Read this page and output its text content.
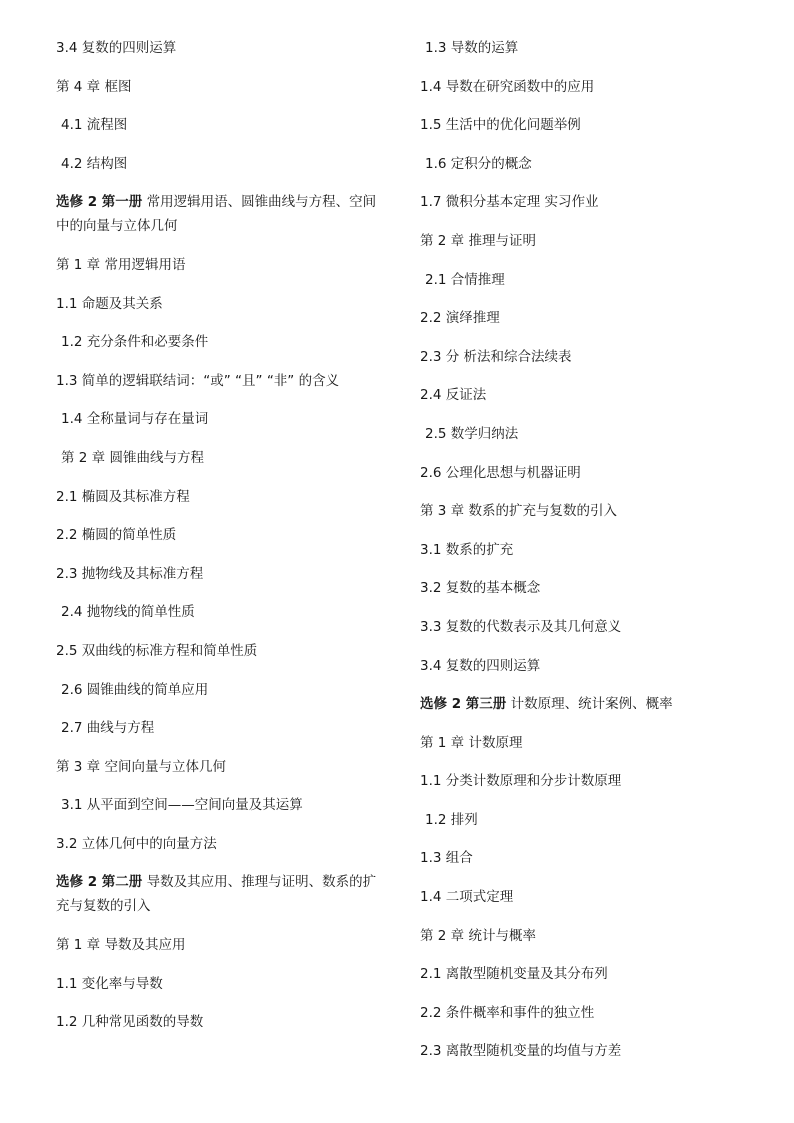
3.4 复数的四则运算
第 4 章 框图
4.1 流程图
4.2 结构图
选修 2 第一册 常用逻辑用语、圆锥曲线与方程、空间中的向量与立体几何
第 1 章 常用逻辑用语
1.1 命题及其关系
1.2 充分条件和必要条件
1.3 简单的逻辑联结词：“或” “且” “非” 的含义
1.4 全称量词与存在量词
第 2 章 圆锥曲线与方程
2.1 椭圆及其标准方程
2.2 椭圆的简单性质
2.3 抛物线及其标准方程
2.4 抛物线的简单性质
2.5 双曲线的标准方程和简单性质
2.6 圆锥曲线的简单应用
2.7 曲线与方程
第 3 章 空间向量与立体几何
3.1 从平面到空间——空间向量及其运算
3.2 立体几何中的向量方法
选修 2 第二册 导数及其应用、推理与证明、数系的扩充与复数的引入
第 1 章 导数及其应用
1.1 变化率与导数
1.2 几种常见函数的导数
1.3 导数的运算
1.4 导数在研究函数中的应用
1.5 生活中的优化问题举例
1.6 定积分的概念
1.7 微积分基本定理 实习作业
第 2 章 推理与证明
2.1 合情推理
2.2 演绎推理
2.3 分 析法和综合法续表
2.4 反证法
2.5 数学归纳法
2.6 公理化思想与机器证明
第 3 章 数系的扩充与复数的引入
3.1 数系的扩充
3.2 复数的基本概念
3.3 复数的代数表示及其几何意义
3.4 复数的四则运算
选修 2 第三册 计数原理、统计案例、概率
第 1 章 计数原理
1.1 分类计数原理和分步计数原理
1.2 排列
1.3 组合
1.4 二项式定理
第 2 章 统计与概率
2.1 离散型随机变量及其分布列
2.2 条件概率和事件的独立性
2.3 离散型随机变量的均值与方差
